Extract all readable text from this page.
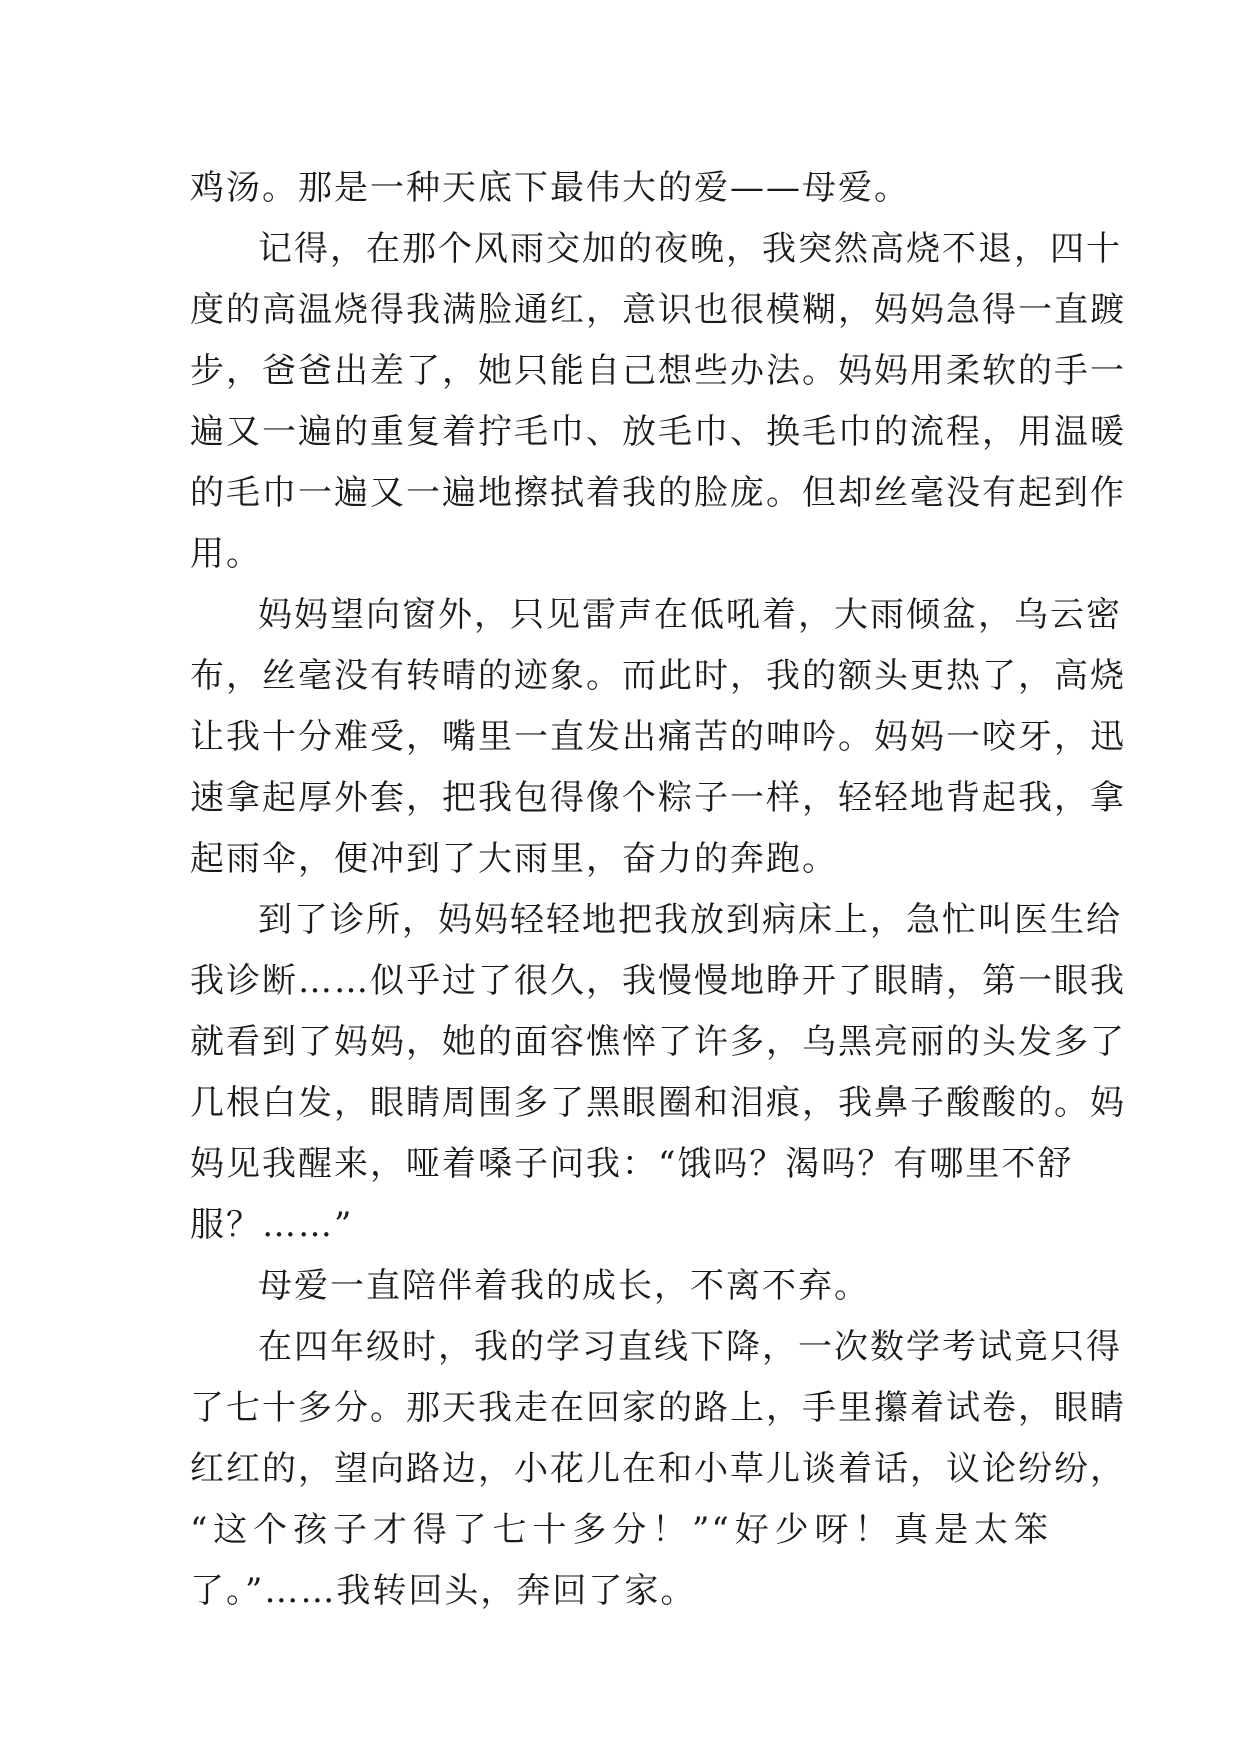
鸡汤。那是一种天底下最伟大的爱——母爱。
记得，在那个风雨交加的夜晚，我突然高烧不退，四十
度的高温烧得我满脸通红，意识也很模糊，妈妈急得一直踱
步，爸爸出差了，她只能自己想些办法。妈妈用柔软的手一
遍又一遍的重复着拧毛巾、放毛巾、换毛巾的流程，用温暖
的毛巾一遍又一遍地擦拭着我的脸庞。但却丝毫没有起到作
用。
妈妈望向窗外，只见雷声在低吼着，大雨倾盆，乌云密
布，丝毫没有转晴的迹象。而此时，我的额头更热了，高烧
让我十分难受，嘴里一直发出痛苦的呻吟。妈妈一咬牙，迅
速拿起厚外套，把我包得像个粽子一样，轻轻地背起我，拿
起雨伞，便冲到了大雨里，奋力的奔跑。
到了诊所，妈妈轻轻地把我放到病床上，急忙叫医生给
我诊断……似乎过了很久，我慢慢地睁开了眼睛，第一眼我
就看到了妈妈，她的面容憔悴了许多，乌黑亮丽的头发多了
几根白发，眼睛周围多了黑眼圈和泪痕，我鼻子酸酸的。妈
妈见我醒来，哑着嗓子问我：“饿吗？渴吗？有哪里不舒
服？……”
母爱一直陪伴着我的成长，不离不弃。
在四年级时，我的学习直线下降，一次数学考试竟只得
了七十多分。那天我走在回家的路上，手里攥着试卷，眼睛
红红的，望向路边，小花儿在和小草儿谈着话，议论纷纷，
“这个孩子才得了七十多分！”“好少呀！真是太笨
了。”……我转回头，奔回了家。
